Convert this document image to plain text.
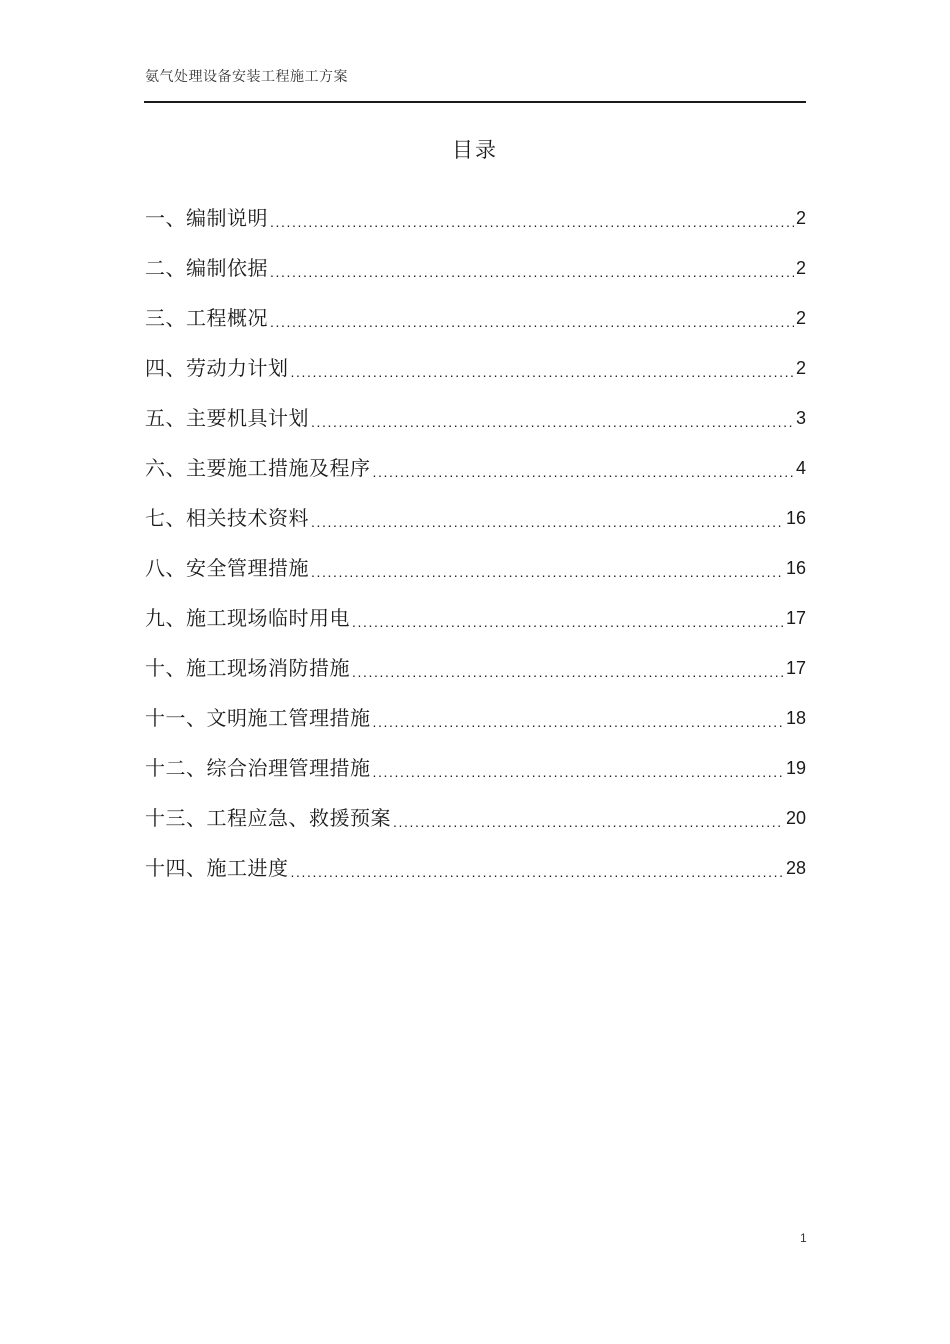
氨气处理设备安装工程施工方案
目录
一、编制说明 .....	2
二、编制依据 .....	2
三、工程概况 .....	2
四、劳动力计划 .....	2
五、主要机具计划 .....	3
六、主要施工措施及程序 .....	4
七、相关技术资料 .....	16
八、安全管理措施 .....	16
九、施工现场临时用电 .....	17
十、施工现场消防措施 .....	17
十一、文明施工管理措施 .....	18
十二、综合治理管理措施 .....	19
十三、工程应急、救援预案 .....	20
十四、施工进度 .....	28
1
